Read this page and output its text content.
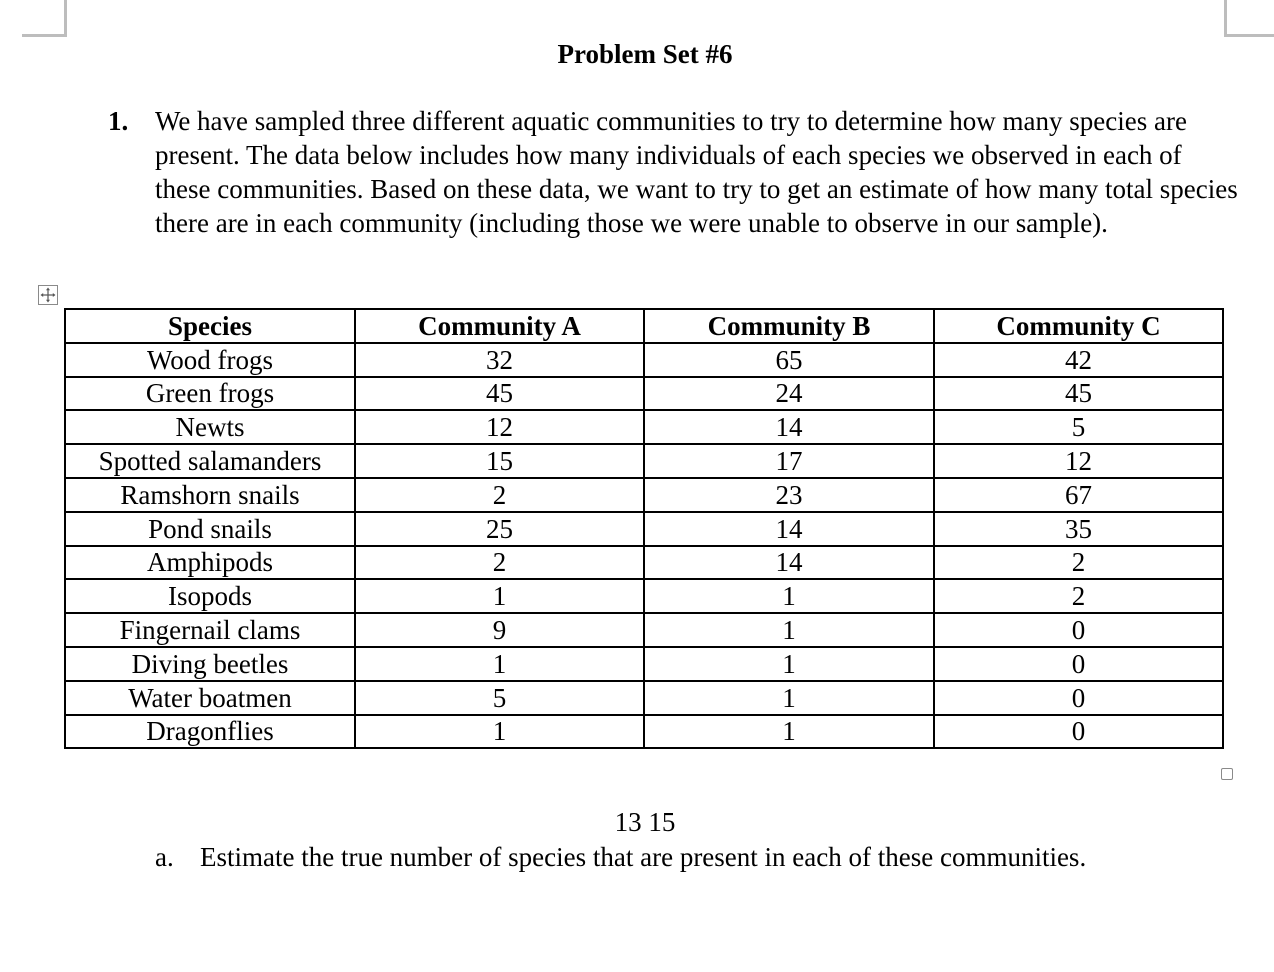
Problem Set #6
1. We have sampled three different aquatic communities to try to determine how many species are present. The data below includes how many individuals of each species we observed in each of these communities. Based on these data, we want to try to get an estimate of how many total species there are in each community (including those we were unable to observe in our sample).
Species	Community A	Community B	Community C
Wood frogs	32	65	42
Green frogs	45	24	45
Newts	12	14	5
Spotted salamanders	15	17	12
Ramshorn snails	2	23	67
Pond snails	25	14	35
Amphipods	2	14	2
Isopods	1	1	2
Fingernail clams	9	1	0
Diving beetles	1	1	0
Water boatmen	5	1	0
Dragonflies	1	1	0
13 15
a. Estimate the true number of species that are present in each of these communities.
